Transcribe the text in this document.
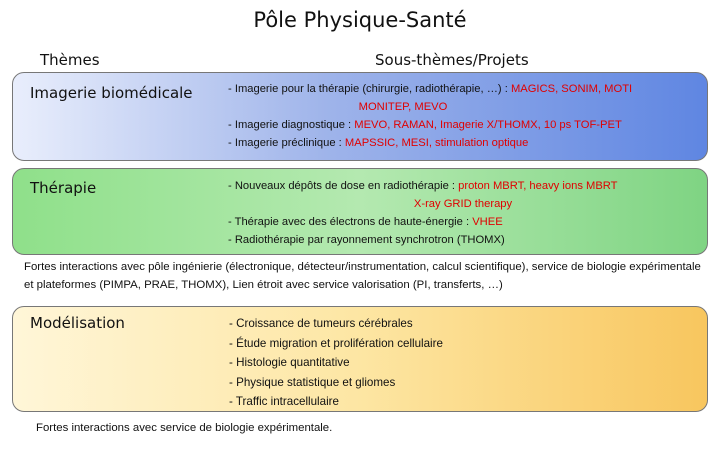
Pôle Physique-Santé
Thèmes	Sous-thèmes/Projets
Imagerie biomédicale	- Imagerie pour la thérapie (chirurgie, radiothérapie, …) : MAGICS, SONIM, MOTI
MONITEP, MEVO
- Imagerie diagnostique : MEVO, RAMAN, Imagerie X/THOMX, 10 ps TOF-PET
- Imagerie préclinique : MAPSSIC, MESI, stimulation optique
Thérapie	- Nouveaux dépôts de dose en radiothérapie : proton MBRT, heavy ions MBRT
X-ray GRID therapy
- Thérapie avec des électrons de haute-énergie : VHEE
- Radiothérapie par rayonnement synchrotron (THOMX)
Fortes interactions avec pôle ingénierie (électronique, détecteur/instrumentation, calcul scientifique), service de biologie expérimentale et plateformes (PIMPA, PRAE, THOMX), Lien étroit avec service valorisation (PI, transferts, …)
Modélisation	- Croissance de tumeurs cérébrales
- Étude migration et prolifération cellulaire
- Histologie quantitative
- Physique statistique et gliomes
- Traffic intracellulaire
Fortes interactions avec service de biologie expérimentale.
